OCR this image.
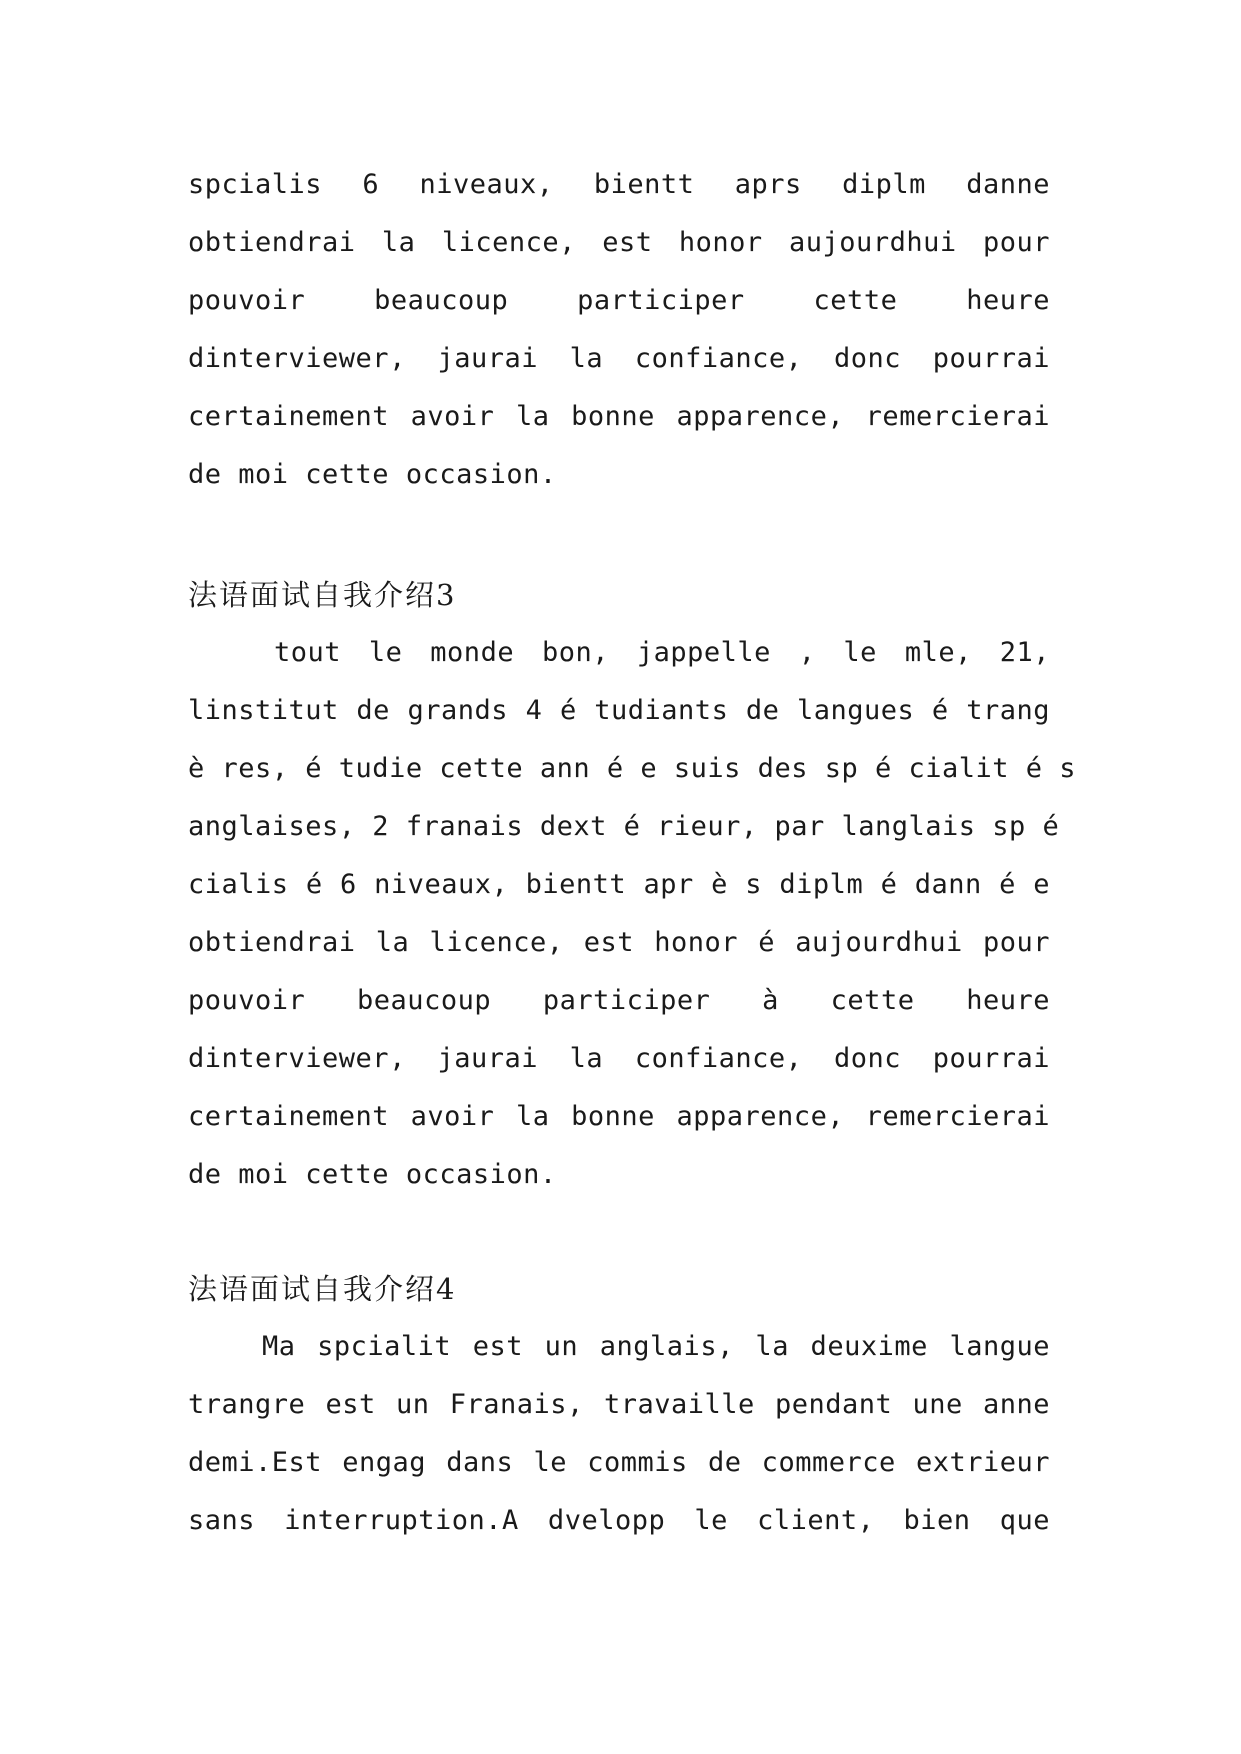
spcialis 6 niveaux, bientt aprs diplm danne
obtiendrai la licence, est honor aujourdhui pour
pouvoir beaucoup participer cette heure
dinterviewer, jaurai la confiance, donc pourrai
certainement avoir la bonne apparence, remercierai
de moi cette occasion.
法语面试自我介绍3
tout le monde bon, jappelle , le mle, 21,
linstitut de grands 4 é tudiants de langues é trang
è res, é tudie cette ann é e suis des sp é cialit é s
anglaises, 2 franais dext é rieur, par langlais sp é
cialis é 6 niveaux, bientt apr è s diplm é dann é e
obtiendrai la licence, est honor é aujourdhui pour
pouvoir beaucoup participer à cette heure
dinterviewer, jaurai la confiance, donc pourrai
certainement avoir la bonne apparence, remercierai
de moi cette occasion.
法语面试自我介绍4
Ma spcialit est un anglais, la deuxime langue
trangre est un Franais, travaille pendant une anne
demi.Est engag dans le commis de commerce extrieur
sans interruption.A dvelopp le client, bien que
